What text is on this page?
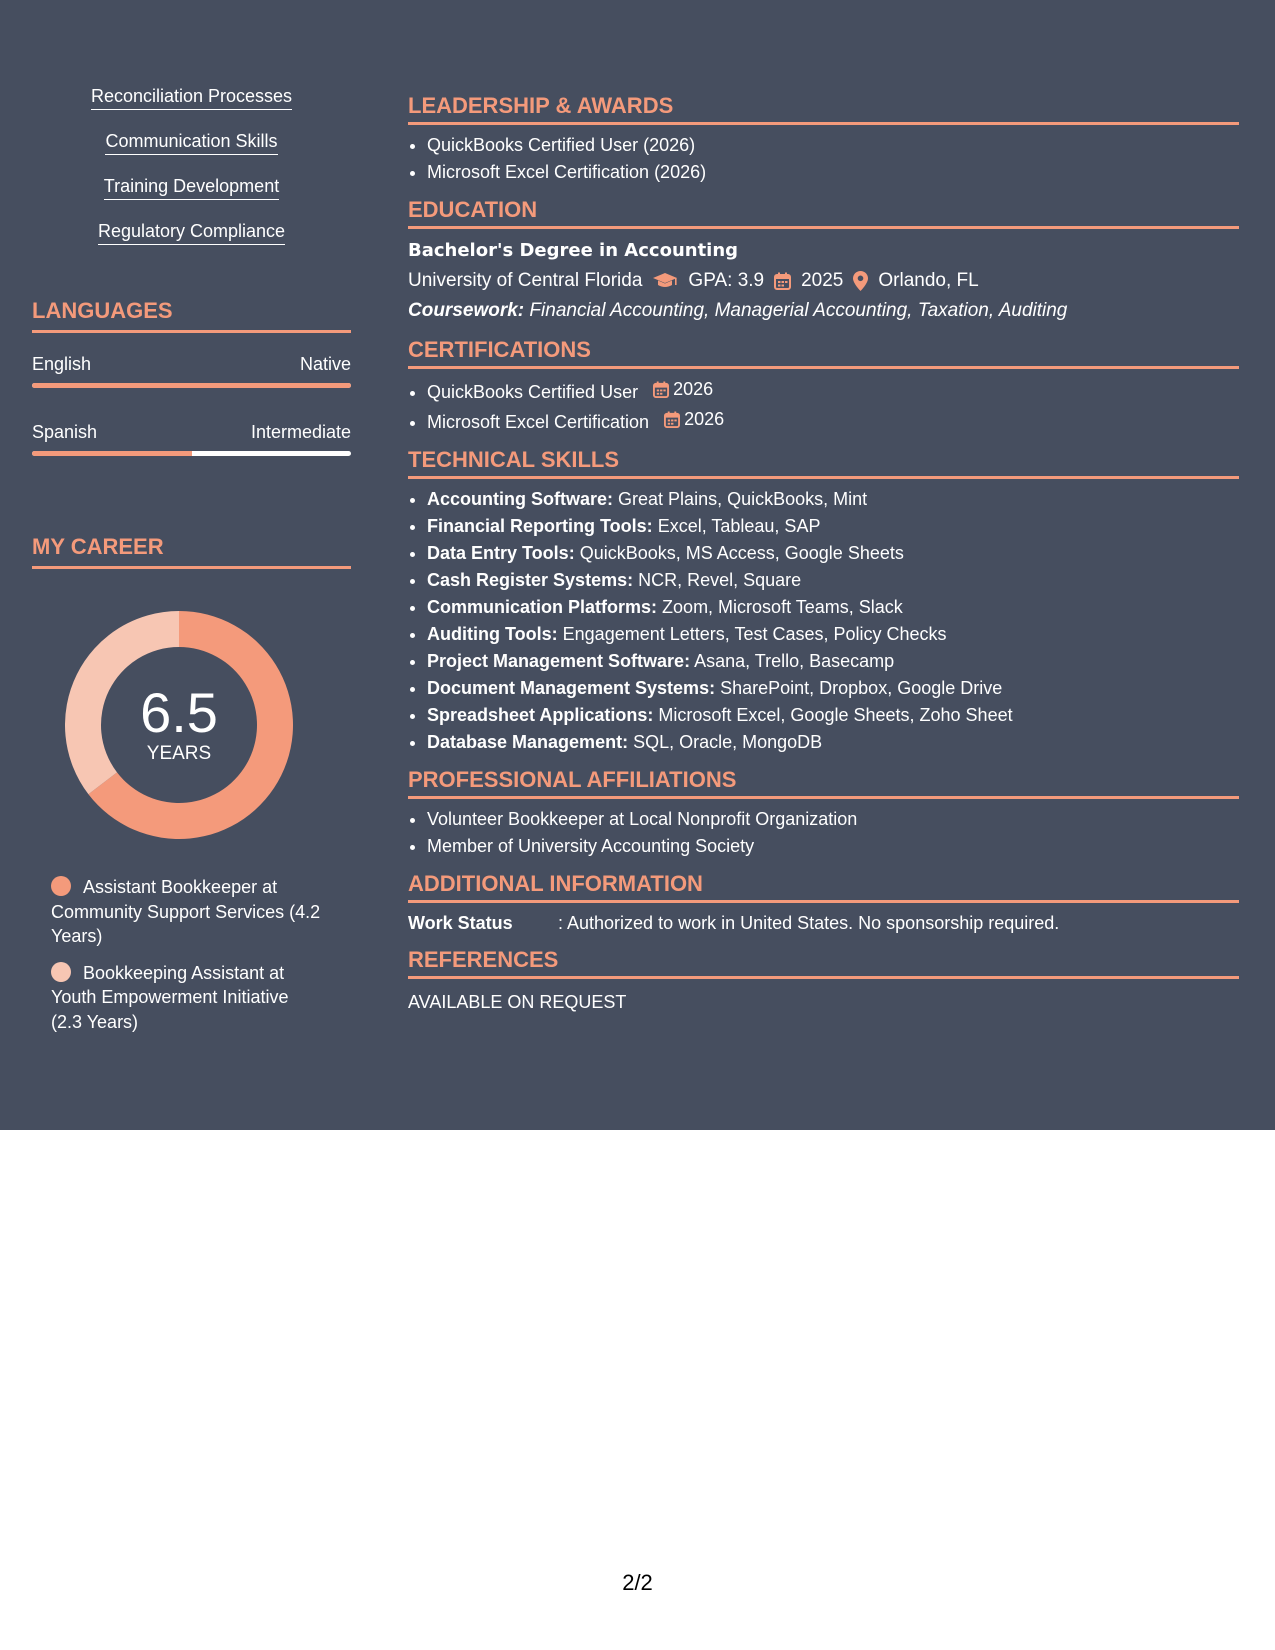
Reconciliation Processes
Communication Skills
Training Development
Regulatory Compliance
LANGUAGES
English	Native
Spanish	Intermediate
MY CAREER
6.5
YEARS
Assistant Bookkeeper at Community Support Services (4.2 Years)
Bookkeeping Assistant at Youth Empowerment Initiative (2.3 Years)
LEADERSHIP & AWARDS
• QuickBooks Certified User (2026)
• Microsoft Excel Certification (2026)
EDUCATION
Bachelor's Degree in Accounting
University of Central Florida GPA: 3.9 2025 Orlando, FL
Coursework: Financial Accounting, Managerial Accounting, Taxation, Auditing
CERTIFICATIONS
• QuickBooks Certified User 2026
• Microsoft Excel Certification 2026
TECHNICAL SKILLS
• Accounting Software: Great Plains, QuickBooks, Mint
• Financial Reporting Tools: Excel, Tableau, SAP
• Data Entry Tools: QuickBooks, MS Access, Google Sheets
• Cash Register Systems: NCR, Revel, Square
• Communication Platforms: Zoom, Microsoft Teams, Slack
• Auditing Tools: Engagement Letters, Test Cases, Policy Checks
• Project Management Software: Asana, Trello, Basecamp
• Document Management Systems: SharePoint, Dropbox, Google Drive
• Spreadsheet Applications: Microsoft Excel, Google Sheets, Zoho Sheet
• Database Management: SQL, Oracle, MongoDB
PROFESSIONAL AFFILIATIONS
• Volunteer Bookkeeper at Local Nonprofit Organization
• Member of University Accounting Society
ADDITIONAL INFORMATION
Work Status	: Authorized to work in United States. No sponsorship required.
REFERENCES
AVAILABLE ON REQUEST
2/2
